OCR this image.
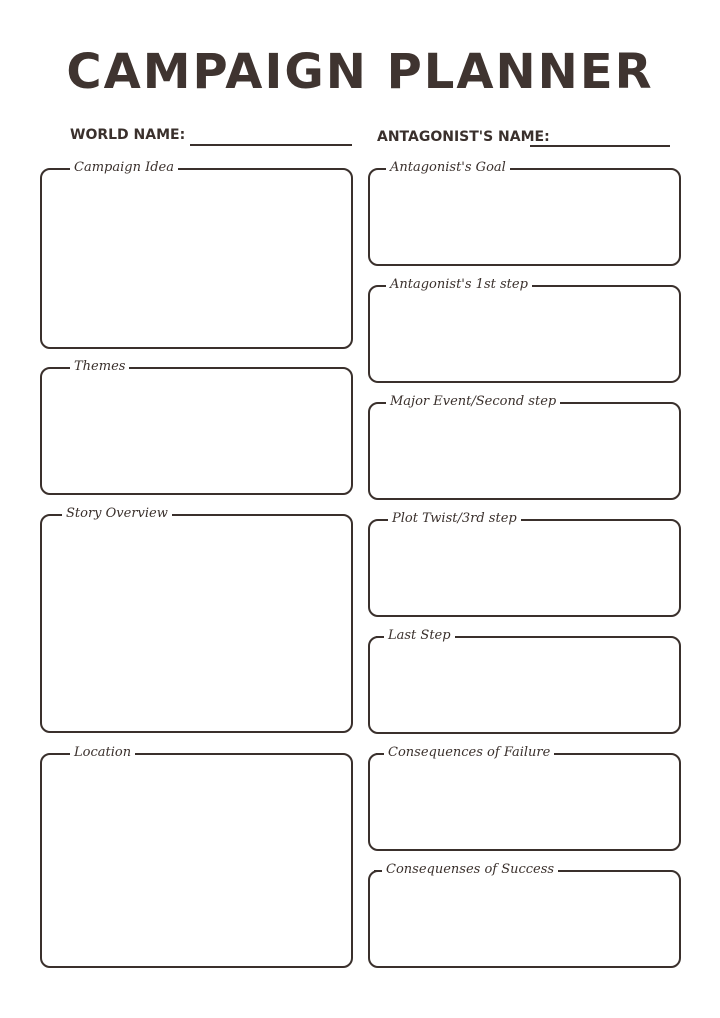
CAMPAIGN PLANNER
WORLD NAME:	ANTAGONIST'S NAME:
Campaign Idea
Themes
Story Overview
Location
Antagonist's Goal
Antagonist's 1st step
Major Event/Second step
Plot Twist/3rd step
Last Step
Consequences of Failure
Consequenses of Success
